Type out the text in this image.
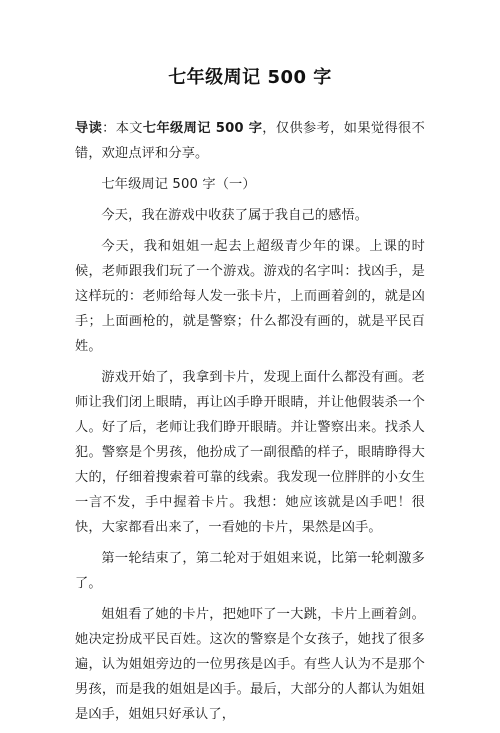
七年级周记 500 字

导读：本文七年级周记 500 字，仅供参考，如果觉得很不错，欢迎点评和分享。

七年级周记 500 字（一）

今天，我在游戏中收获了属于我自己的感悟。

今天，我和姐姐一起去上超级青少年的课。上课的时候，老师跟我们玩了一个游戏。游戏的名字叫：找凶手，是这样玩的：老师给每人发一张卡片，上而画着剑的，就是凶手；上面画枪的，就是警察；什么都没有画的，就是平民百姓。

游戏开始了，我拿到卡片，发现上面什么都没有画。老师让我们闭上眼睛，再让凶手睁开眼睛，并让他假装杀一个人。好了后，老师让我们睁开眼睛。并让警察出来。找杀人犯。警察是个男孩，他扮成了一副很酷的样子，眼睛睁得大大的，仔细着搜索着可靠的线索。我发现一位胖胖的小女生一言不发，手中握着卡片。我想：她应该就是凶手吧！很快，大家都看出来了，一看她的卡片，果然是凶手。

第一轮结束了，第二轮对于姐姐来说，比第一轮刺激多了。

姐姐看了她的卡片，把她吓了一大跳，卡片上画着剑。她决定扮成平民百姓。这次的警察是个女孩子，她找了很多遍，认为姐姐旁边的一位男孩是凶手。有些人认为不是那个男孩，而是我的姐姐是凶手。最后，大部分的人都认为姐姐是凶手，姐姐只好承认了，
